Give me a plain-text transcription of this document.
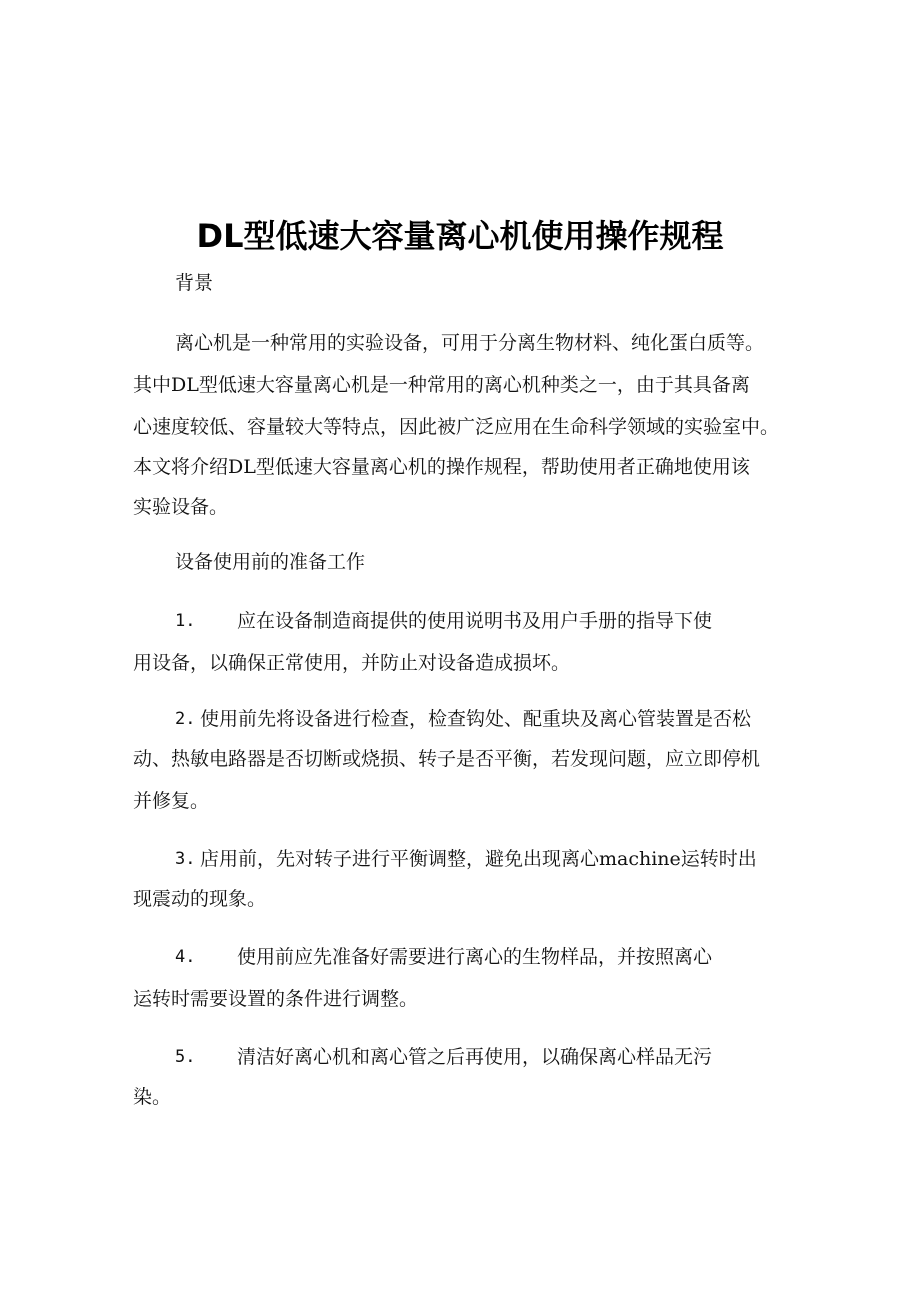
DL型低速大容量离心机使用操作规程
背景
离心机是一种常用的实验设备，可用于分离生物材料、纯化蛋白质等。
其中DL型低速大容量离心机是一种常用的离心机种类之一，由于其具备离
心速度较低、容量较大等特点，因此被广泛应用在生命科学领域的实验室中。
本文将介绍DL型低速大容量离心机的操作规程，帮助使用者正确地使用该
实验设备。
设备使用前的准备工作
1. 应在设备制造商提供的使用说明书及用户手册的指导下使
用设备，以确保正常使用，并防止对设备造成损坏。
2. 使用前先将设备进行检查，检查钩处、配重块及离心管装置是否松
动、热敏电路器是否切断或烧损、转子是否平衡，若发现问题，应立即停机
并修复。
3. 店用前，先对转子进行平衡调整，避免出现离心machine运转时出
现震动的现象。
4. 使用前应先准备好需要进行离心的生物样品，并按照离心
运转时需要设置的条件进行调整。
5. 清洁好离心机和离心管之后再使用，以确保离心样品无污
染。
